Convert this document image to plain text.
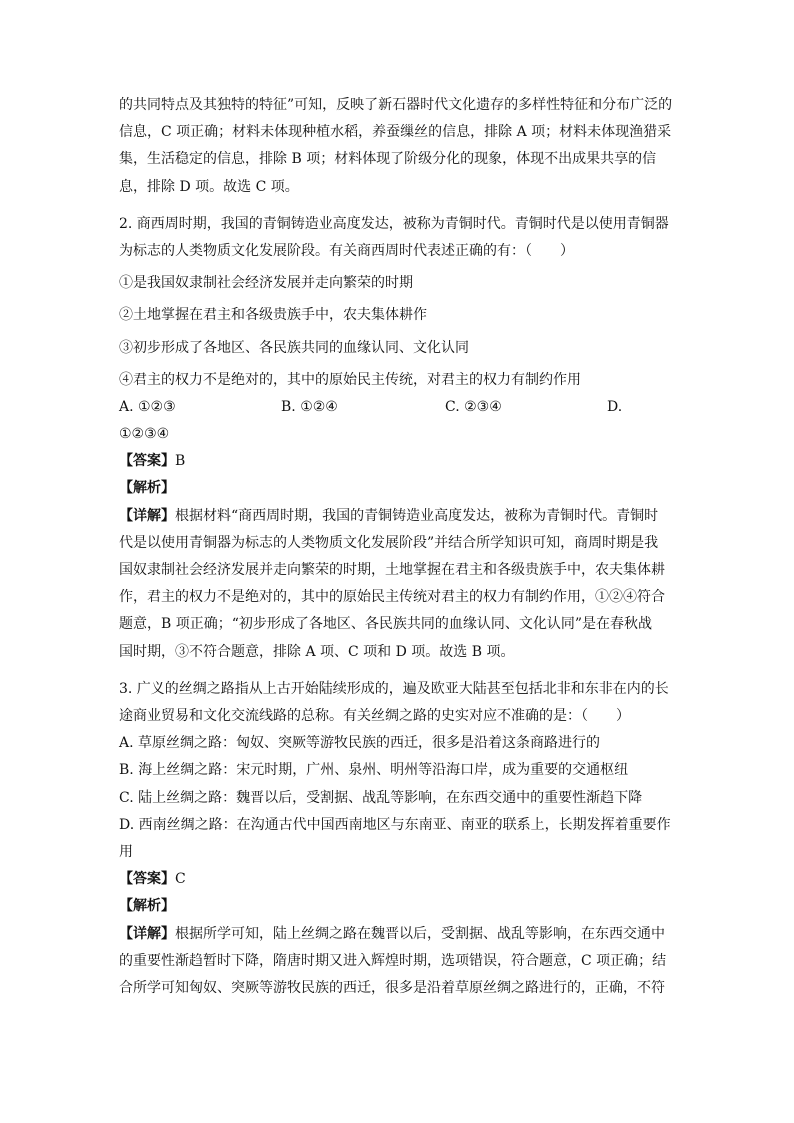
的共同特点及其独特的特征”可知，反映了新石器时代文化遗存的多样性特征和分布广泛的

信息，C 项正确；材料未体现种植水稻，养蚕缫丝的信息，排除 A 项；材料未体现渔猎采

集，生活稳定的信息，排除 B 项；材料体现了阶级分化的现象，体现不出成果共享的信

息，排除 D 项。故选 C 项。

2. 商西周时期，我国的青铜铸造业高度发达，被称为青铜时代。青铜时代是以使用青铜器

为标志的人类物质文化发展阶段。有关商西周时代表述正确的有：（　　）

①是我国奴隶制社会经济发展并走向繁荣的时期

②土地掌握在君主和各级贵族手中，农夫集体耕作

③初步形成了各地区、各民族共同的血缘认同、文化认同

④君主的权力不是绝对的，其中的原始民主传统，对君主的权力有制约作用

A. ①②③	B. ①②④	C. ②③④	D.

①②③④

【答案】B

【解析】

【详解】根据材料“商西周时期，我国的青铜铸造业高度发达，被称为青铜时代。青铜时

代是以使用青铜器为标志的人类物质文化发展阶段”并结合所学知识可知，商周时期是我

国奴隶制社会经济发展并走向繁荣的时期，土地掌握在君主和各级贵族手中，农夫集体耕

作，君主的权力不是绝对的，其中的原始民主传统对君主的权力有制约作用，①②④符合

题意，B 项正确；“初步形成了各地区、各民族共同的血缘认同、文化认同”是在春秋战

国时期，③不符合题意，排除 A 项、C 项和 D 项。故选 B 项。

3. 广义的丝绸之路指从上古开始陆续形成的，遍及欧亚大陆甚至包括北非和东非在内的长

途商业贸易和文化交流线路的总称。有关丝绸之路的史实对应不准确的是：（　　）

A. 草原丝绸之路：匈奴、突厥等游牧民族的西迁，很多是沿着这条商路进行的

B. 海上丝绸之路：宋元时期，广州、泉州、明州等沿海口岸，成为重要的交通枢纽

C. 陆上丝绸之路：魏晋以后，受割据、战乱等影响，在东西交通中的重要性渐趋下降

D. 西南丝绸之路：在沟通古代中国西南地区与东南亚、南亚的联系上，长期发挥着重要作

用

【答案】C

【解析】

【详解】根据所学可知，陆上丝绸之路在魏晋以后，受割据、战乱等影响，在东西交通中

的重要性渐趋暂时下降，隋唐时期又进入辉煌时期，选项错误，符合题意，C 项正确；结

合所学可知匈奴、突厥等游牧民族的西迁，很多是沿着草原丝绸之路进行的，正确，不符
